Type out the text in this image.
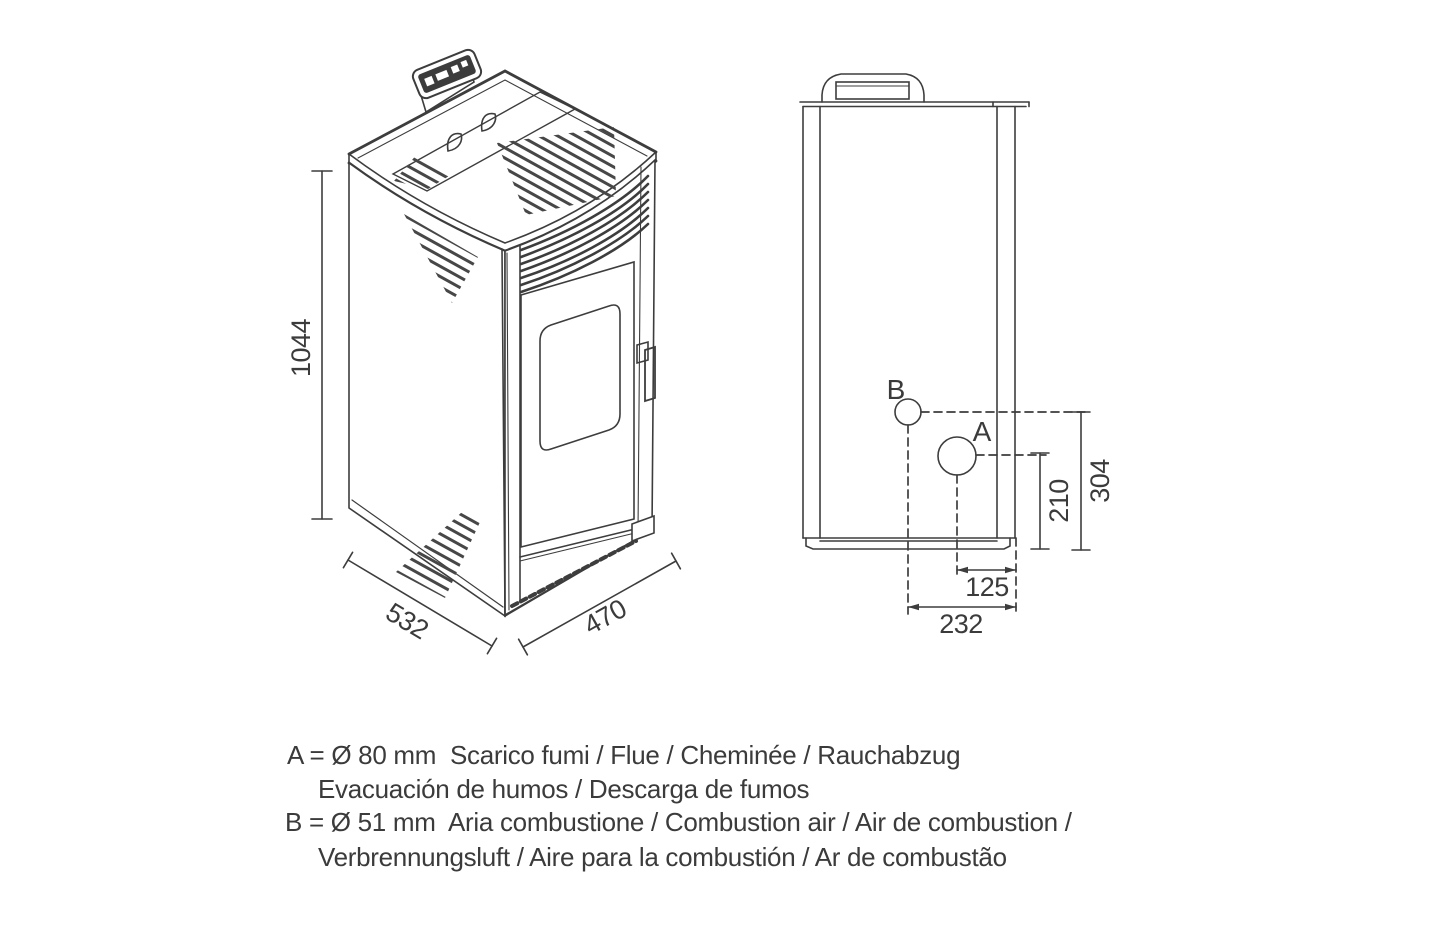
1044
532	470
B
A
304
210
125
232
A = Ø 80 mm  Scarico fumi / Flue / Cheminée / Rauchabzug
Evacuación de humos / Descarga de fumos
B = Ø 51 mm  Aria combustione / Combustion air / Air de combustion /
Verbrennungsluft / Aire para la combustión / Ar de combustão
